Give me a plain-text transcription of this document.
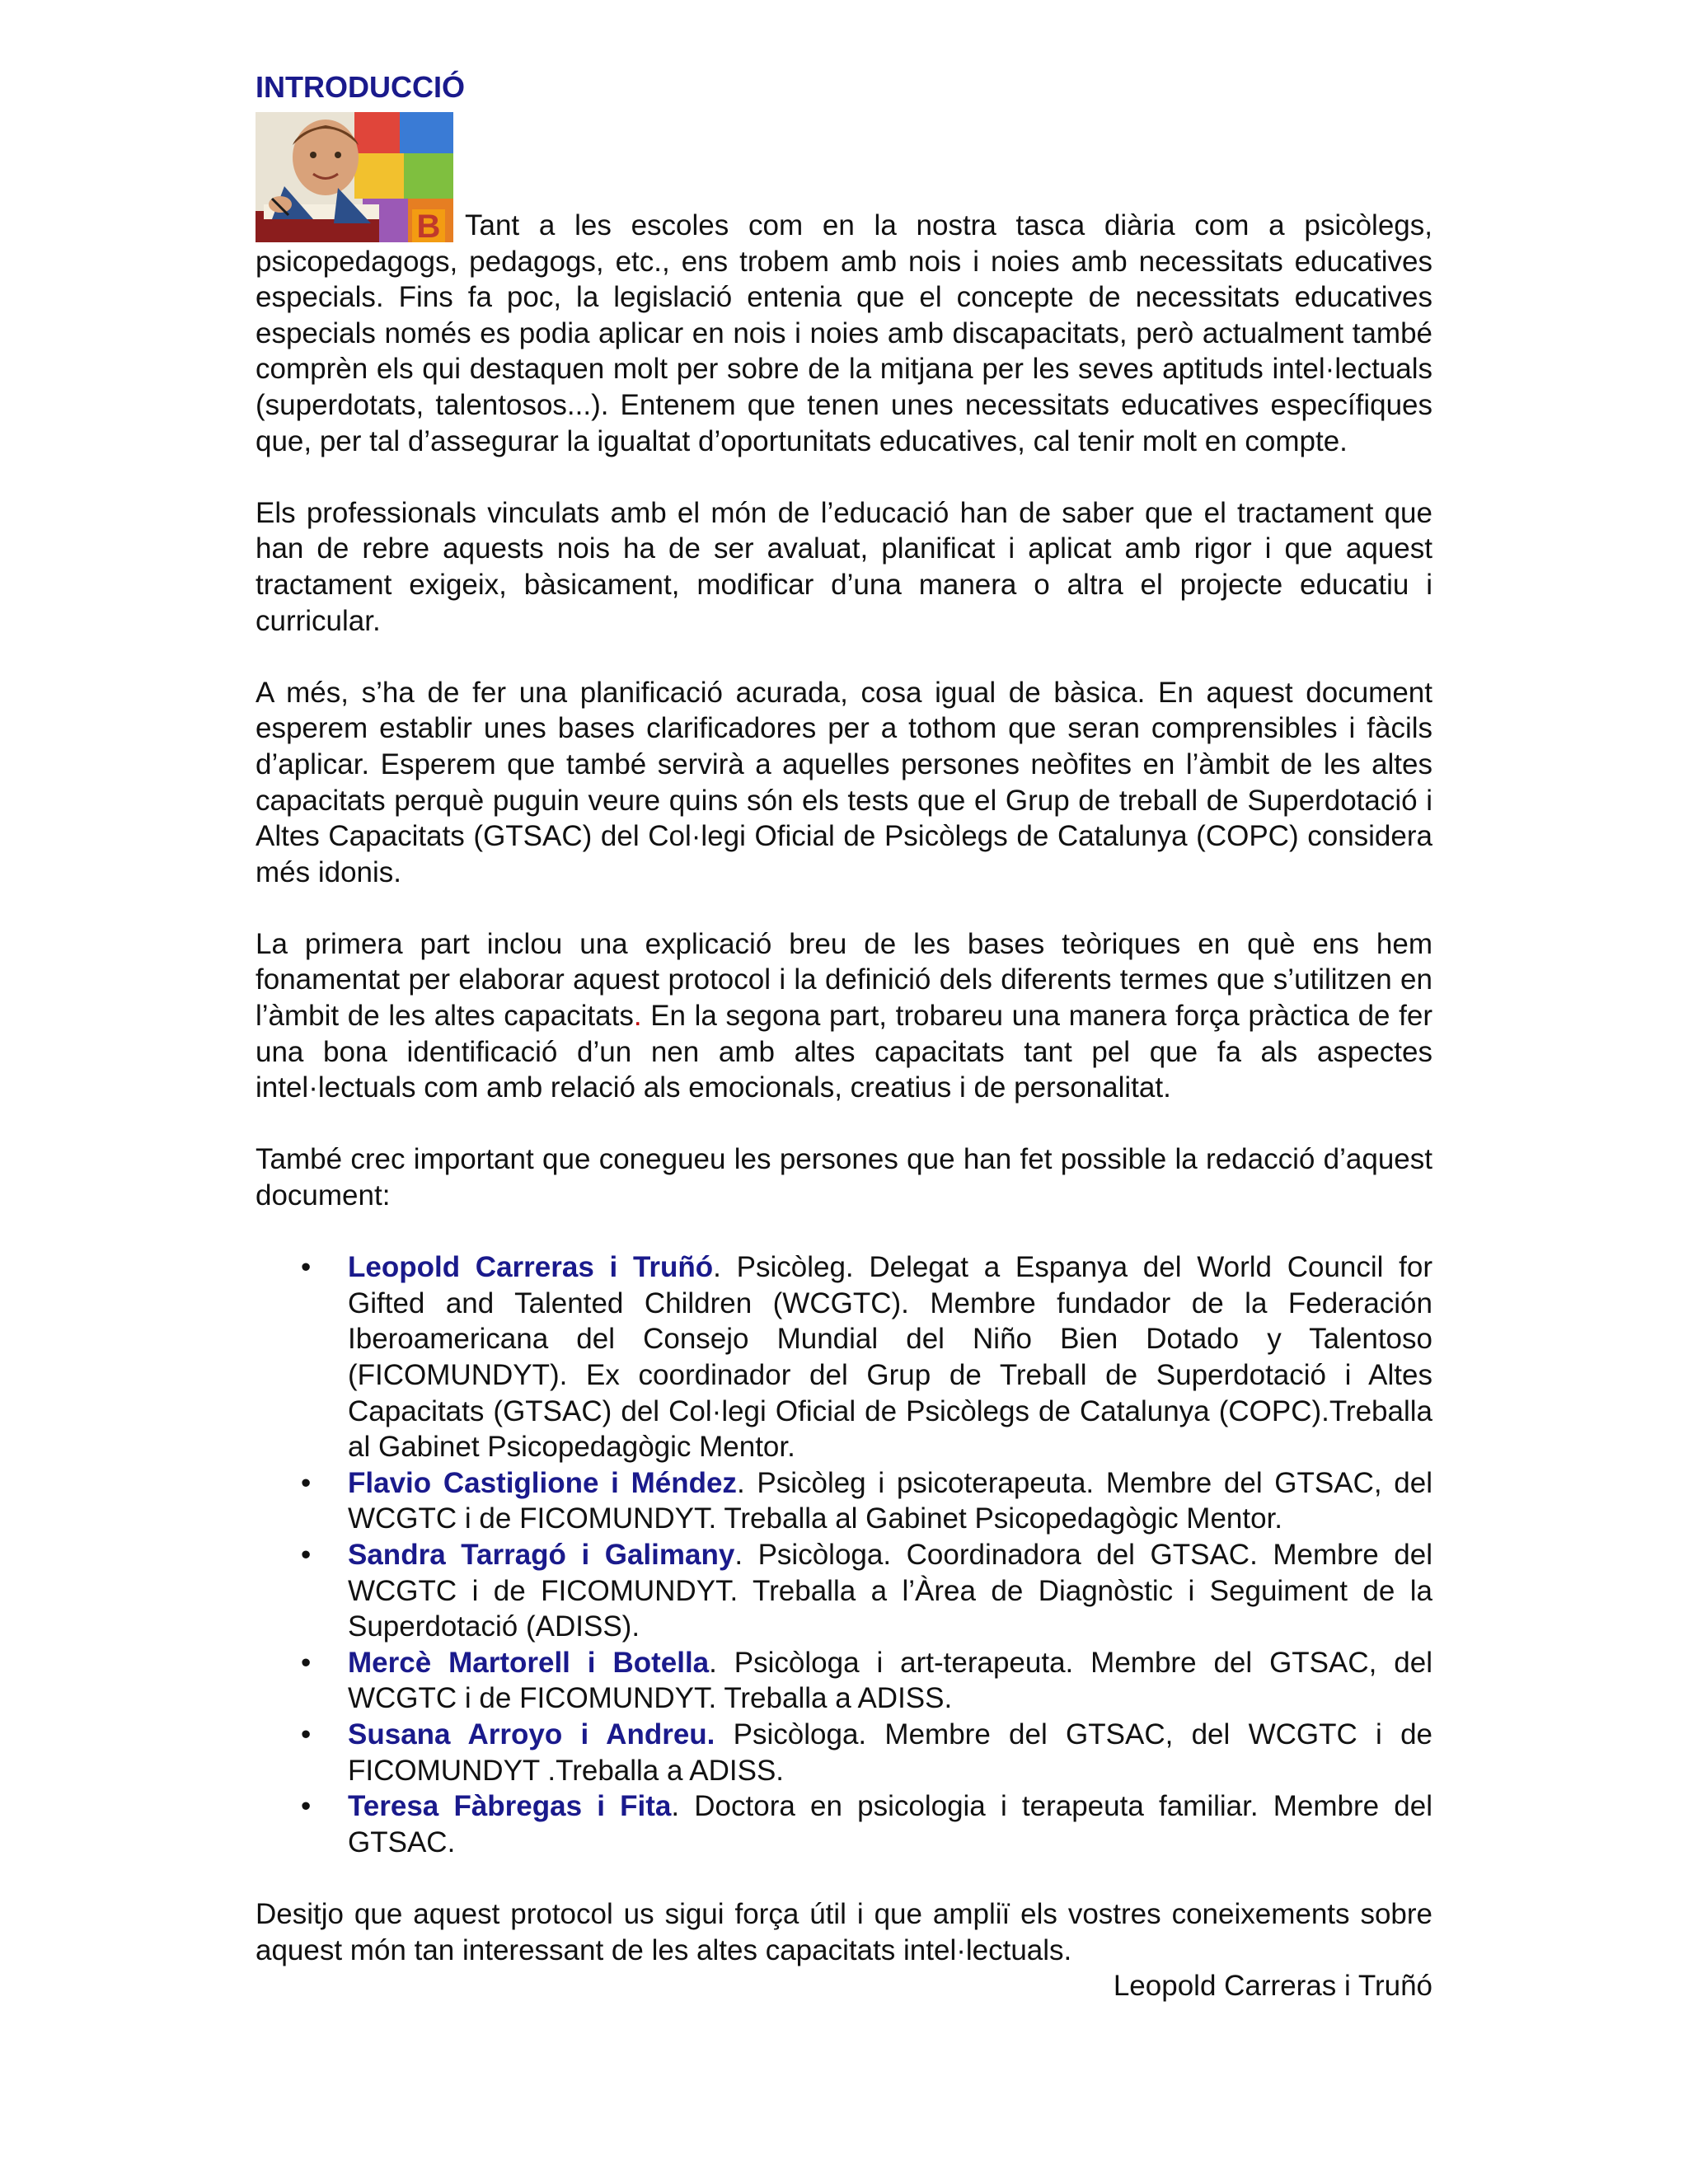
INTRODUCCIÓ
B Tant a les escoles com en la nostra tasca diària com a psicòlegs, psicopedagogs, pedagogs, etc., ens trobem amb nois i noies amb necessitats educatives especials. Fins fa poc, la legislació entenia que el concepte de necessitats educatives especials només es podia aplicar en nois i noies amb discapacitats, però actualment també comprèn els qui destaquen molt per sobre de la mitjana per les seves aptituds intel·lectuals (superdotats, talentosos...). Entenem que tenen unes necessitats educatives específiques que, per tal d’assegurar la igualtat d’oportunitats educatives, cal tenir molt en compte.

Els professionals vinculats amb el món de l’educació han de saber que el tractament que han de rebre aquests nois ha de ser avaluat, planificat i aplicat amb rigor i que aquest tractament exigeix, bàsicament, modificar d’una manera o altra el projecte educatiu i curricular.

A més, s’ha de fer una planificació acurada, cosa igual de bàsica. En aquest document esperem establir unes bases clarificadores per a tothom que seran comprensibles i fàcils d’aplicar. Esperem que també servirà a aquelles persones neòfites en l’àmbit de les altes capacitats perquè puguin veure quins són els tests que el Grup de treball de Superdotació i Altes Capacitats (GTSAC) del Col·legi Oficial de Psicòlegs de Catalunya (COPC) considera més idonis.

La primera part inclou una explicació breu de les bases teòriques en què ens hem fonamentat per elaborar aquest protocol i la definició dels diferents termes que s’utilitzen en l’àmbit de les altes capacitats. En la segona part, trobareu una manera força pràctica de fer una bona identificació d’un nen amb altes capacitats tant pel que fa als aspectes intel·lectuals com amb relació als emocionals, creatius i de personalitat.

També crec important que conegueu les persones que han fet possible la redacció d’aquest document:

• Leopold Carreras i Truñó. Psicòleg. Delegat a Espanya del World Council for Gifted and Talented Children (WCGTC). Membre fundador de la Federación Iberoamericana del Consejo Mundial del Niño Bien Dotado y Talentoso (FICOMUNDYT). Ex coordinador del Grup de Treball de Superdotació i Altes Capacitats (GTSAC) del Col·legi Oficial de Psicòlegs de Catalunya (COPC).Treballa al Gabinet Psicopedagògic Mentor.
• Flavio Castiglione i Méndez. Psicòleg i psicoterapeuta. Membre del GTSAC, del WCGTC i de FICOMUNDYT. Treballa al Gabinet Psicopedagògic Mentor.
• Sandra Tarragó i Galimany. Psicòloga. Coordinadora del GTSAC. Membre del WCGTC i de FICOMUNDYT. Treballa a l’Àrea de Diagnòstic i Seguiment de la Superdotació (ADISS).
• Mercè Martorell i Botella. Psicòloga i art-terapeuta. Membre del GTSAC, del WCGTC i de FICOMUNDYT. Treballa a ADISS.
• Susana Arroyo i Andreu. Psicòloga. Membre del GTSAC, del WCGTC i de FICOMUNDYT .Treballa a ADISS.
• Teresa Fàbregas i Fita. Doctora en psicologia i terapeuta familiar. Membre del GTSAC.

Desitjo que aquest protocol us sigui força útil i que ampliï els vostres coneixements sobre aquest món tan interessant de les altes capacitats intel·lectuals.

Leopold Carreras i Truñó
